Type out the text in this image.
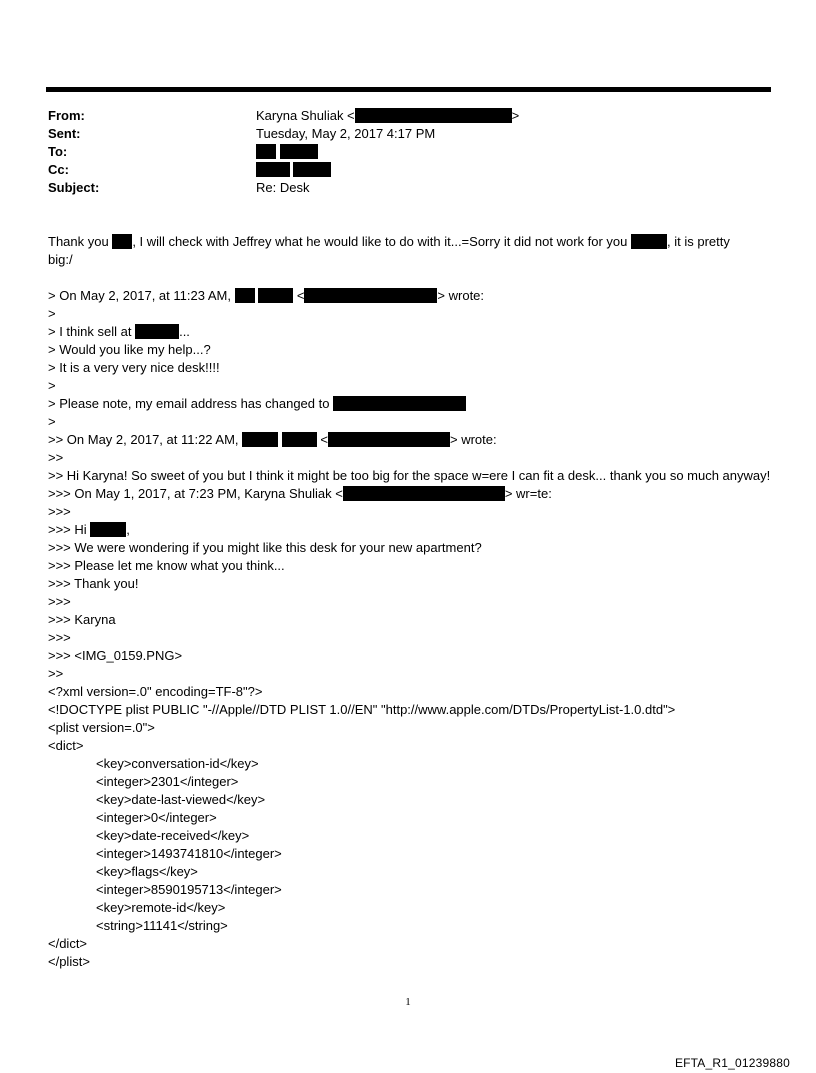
From:	Karyna Shuliak <	>
Sent:	Tuesday, May 2, 2017 4:17 PM
To:
Cc:
Subject:	Re: Desk
Thank you , I will check with Jeffrey what he would like to do with it...=Sorry it did not work for you	, it is pretty
big:/
> On May 2, 2017, at 11:23 AM,	<	> wrote:
>
> I think sell at	...
> Would you like my help...?
> It is a very very nice desk!!!!
>
> Please note, my email address has changed to
>
>> On May 2, 2017, at 11:22 AM,	<	> wrote:
>>
>> Hi Karyna! So sweet of you but I think it might be too big for the space w=ere I can fit a desk... thank you so much anyway!
>>> On May 1, 2017, at 7:23 PM, Karyna Shuliak <	> wr=te:
>>>
>>> Hi	,
>>> We were wondering if you might like this desk for your new apartment?
>>> Please let me know what you think...
>>> Thank you!
>>>
>>> Karyna
>>>
>>> <IMG_0159.PNG>
>>
<?xml version=.0" encoding=TF-8"?>
<!DOCTYPE plist PUBLIC "-//Apple//DTD PLIST 1.0//EN" "http://www.apple.com/DTDs/PropertyList-1.0.dtd">
<plist version=.0">
<dict>
<key>conversation-id</key>
<integer>2301</integer>
<key>date-last-viewed</key>
<integer>0</integer>
<key>date-received</key>
<integer>1493741810</integer>
<key>flags</key>
<integer>8590195713</integer>
<key>remote-id</key>
<string>11141</string>
</dict>
</plist>
1
EFTA_R1_01239880
